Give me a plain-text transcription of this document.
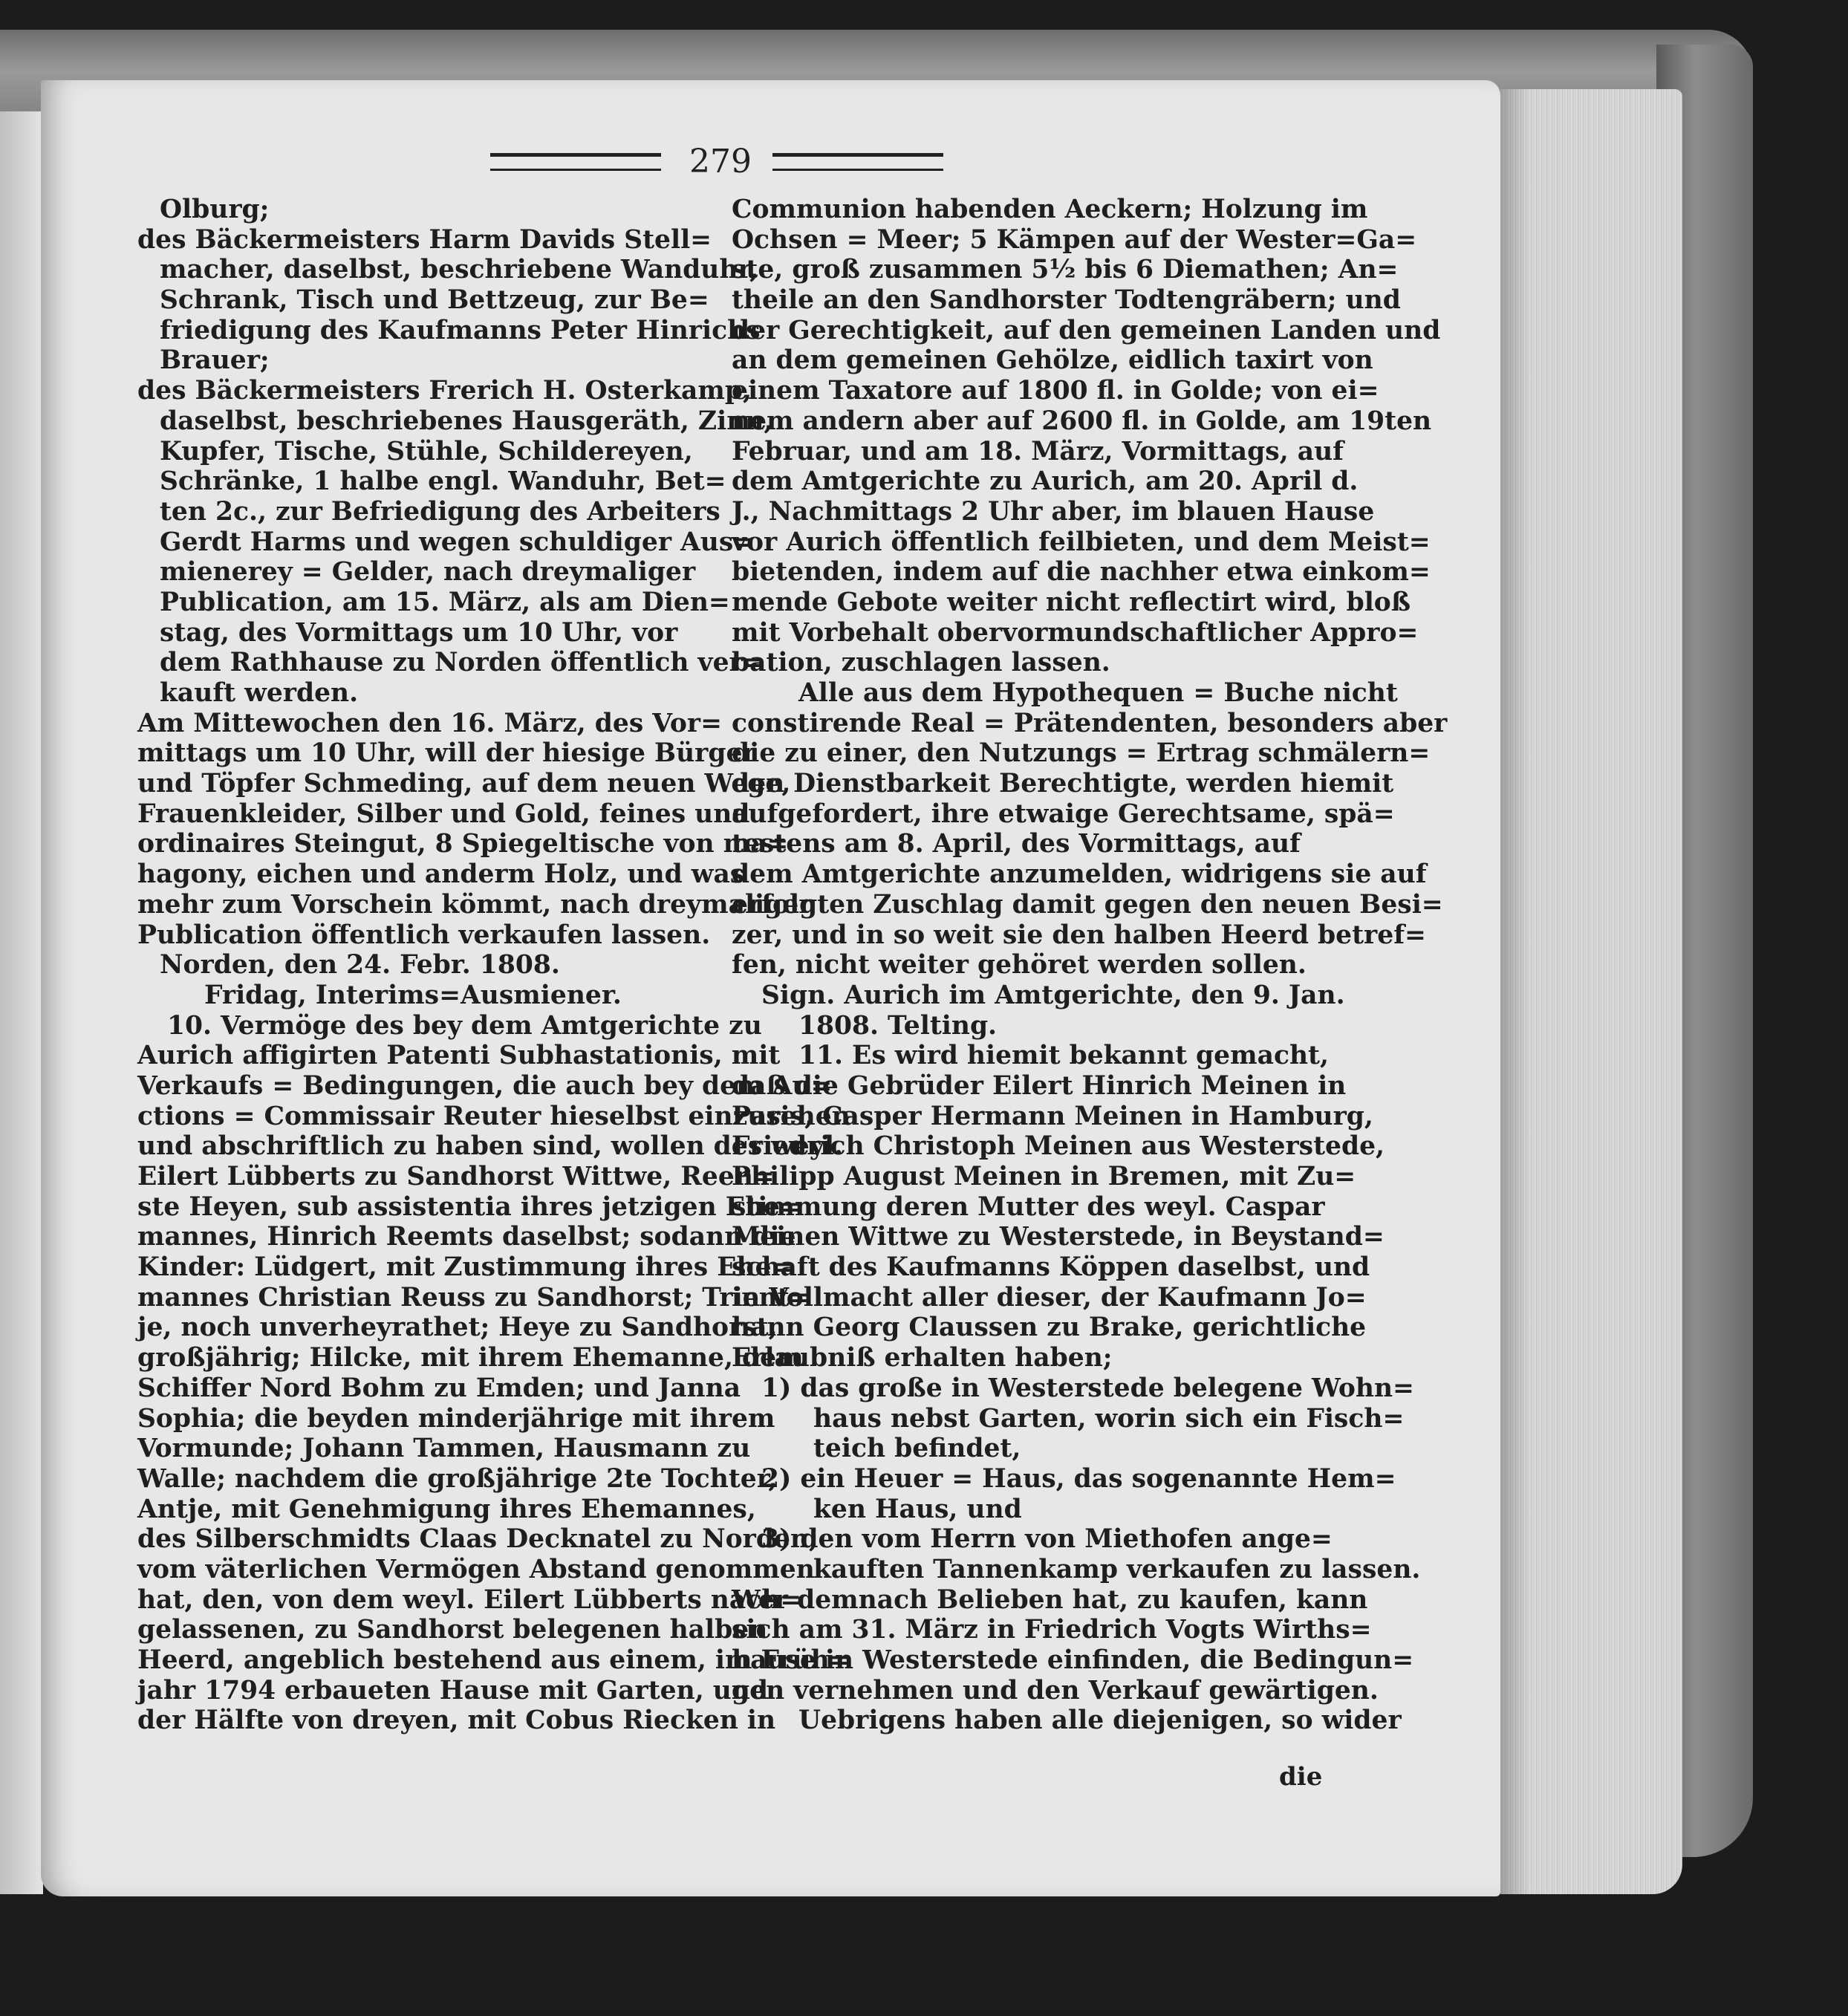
279
Olburg;
des Bäckermeisters Harm Davids Stell=
macher, daselbst, beschriebene Wanduhr,
Schrank, Tisch und Bettzeug, zur Be=
friedigung des Kaufmanns Peter Hinrichs
Brauer;
des Bäckermeisters Frerich H. Osterkamp,
daselbst, beschriebenes Hausgeräth, Zinn,
Kupfer, Tische, Stühle, Schildereyen,
Schränke, 1 halbe engl. Wanduhr, Bet=
ten 2c., zur Befriedigung des Arbeiters
Gerdt Harms und wegen schuldiger Aus=
mienerey = Gelder, nach dreymaliger
Publication, am 15. März, als am Dien=
stag, des Vormittags um 10 Uhr, vor
dem Rathhause zu Norden öffentlich ver=
kauft werden.
Am Mittewochen den 16. März, des Vor=
mittags um 10 Uhr, will der hiesige Bürger
und Töpfer Schmeding, auf dem neuen Wege,
Frauenkleider, Silber und Gold, feines und
ordinaires Steingut, 8 Spiegeltische von ma=
hagony, eichen und anderm Holz, und was
mehr zum Vorschein kömmt, nach dreymaliger
Publication öffentlich verkaufen lassen.
Norden, den 24. Febr. 1808.
Fridag, Interims=Ausmiener.
10. Vermöge des bey dem Amtgerichte zu
Aurich affigirten Patenti Subhastationis, mit
Verkaufs = Bedingungen, die auch bey dem Au=
ctions = Commissair Reuter hieselbst einzusehen
und abschriftlich zu haben sind, wollen des weyl.
Eilert Lübberts zu Sandhorst Wittwe, Reen=
ste Heyen, sub assistentia ihres jetzigen Ehe=
mannes, Hinrich Reemts daselbst; sodann die
Kinder: Lüdgert, mit Zustimmung ihres Ehe=
mannes Christian Reuss zu Sandhorst; Trient=
je, noch unverheyrathet; Heye zu Sandhorst,
großjährig; Hilcke, mit ihrem Ehemanne, dem
Schiffer Nord Bohm zu Emden; und Janna
Sophia; die beyden minderjährige mit ihrem
Vormunde; Johann Tammen, Hausmann zu
Walle; nachdem die großjährige 2te Tochter,
Antje, mit Genehmigung ihres Ehemannes,
des Silberschmidts Claas Decknatel zu Norden,
vom väterlichen Vermögen Abstand genommen
hat, den, von dem weyl. Eilert Lübberts nach=
gelassenen, zu Sandhorst belegenen halben
Heerd, angeblich bestehend aus einem, im Früh=
jahr 1794 erbaueten Hause mit Garten, und
der Hälfte von dreyen, mit Cobus Riecken in
Communion habenden Aeckern; Holzung im
Ochsen = Meer; 5 Kämpen auf der Wester=Ga=
ste, groß zusammen 5½ bis 6 Diemathen; An=
theile an den Sandhorster Todtengräbern; und
der Gerechtigkeit, auf den gemeinen Landen und
an dem gemeinen Gehölze, eidlich taxirt von
einem Taxatore auf 1800 fl. in Golde; von ei=
nem andern aber auf 2600 fl. in Golde, am 19ten
Februar, und am 18. März, Vormittags, auf
dem Amtgerichte zu Aurich, am 20. April d.
J., Nachmittags 2 Uhr aber, im blauen Hause
vor Aurich öffentlich feilbieten, und dem Meist=
bietenden, indem auf die nachher etwa einkom=
mende Gebote weiter nicht reflectirt wird, bloß
mit Vorbehalt obervormundschaftlicher Appro=
bation, zuschlagen lassen.
Alle aus dem Hypothequen = Buche nicht
constirende Real = Prätendenten, besonders aber
die zu einer, den Nutzungs = Ertrag schmälern=
den Dienstbarkeit Berechtigte, werden hiemit
aufgefordert, ihre etwaige Gerechtsame, spä=
testens am 8. April, des Vormittags, auf
dem Amtgerichte anzumelden, widrigens sie auf
erfolgten Zuschlag damit gegen den neuen Besi=
zer, und in so weit sie den halben Heerd betref=
fen, nicht weiter gehöret werden sollen.
Sign. Aurich im Amtgerichte, den 9. Jan.
1808. Telting.
11. Es wird hiemit bekannt gemacht,
daß die Gebrüder Eilert Hinrich Meinen in
Paris, Casper Hermann Meinen in Hamburg,
Friedrich Christoph Meinen aus Westerstede,
Philipp August Meinen in Bremen, mit Zu=
stimmung deren Mutter des weyl. Caspar
Meinen Wittwe zu Westerstede, in Beystand=
schaft des Kaufmanns Köppen daselbst, und
in Vollmacht aller dieser, der Kaufmann Jo=
hann Georg Claussen zu Brake, gerichtliche
Erlaubniß erhalten haben;
1) das große in Westerstede belegene Wohn=
haus nebst Garten, worin sich ein Fisch=
teich befindet,
2) ein Heuer = Haus, das sogenannte Hem=
ken Haus, und
3) den vom Herrn von Miethofen ange=
kauften Tannenkamp verkaufen zu lassen.
Wer demnach Belieben hat, zu kaufen, kann
sich am 31. März in Friedrich Vogts Wirths=
hause in Westerstede einfinden, die Bedingun=
gen vernehmen und den Verkauf gewärtigen.
Uebrigens haben alle diejenigen, so wider
die
